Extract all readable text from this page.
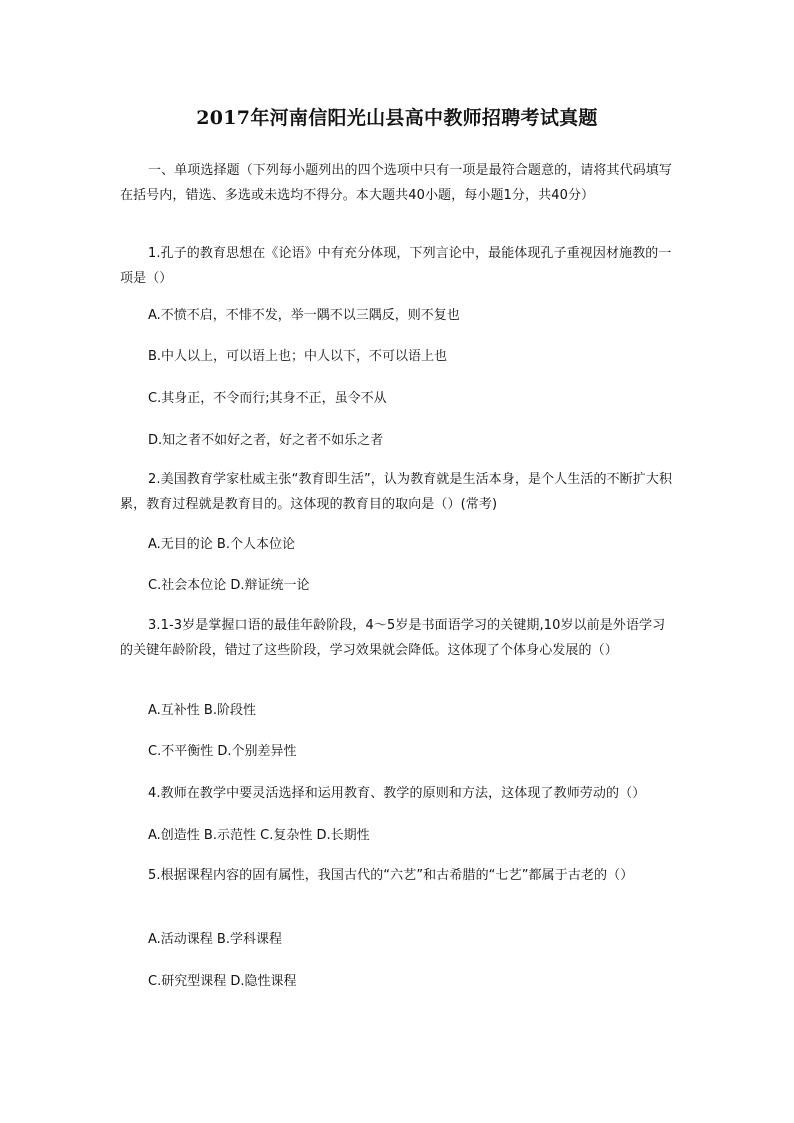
2017年河南信阳光山县高中教师招聘考试真题

一、单项选择题（下列每小题列出的四个选项中只有一项是最符合题意的，请将其代码填写在括号内，错选、多选或未选均不得分。本大题共40小题，每小题1分，共40分）

1.孔子的教育思想在《论语》中有充分体现，下列言论中，最能体现孔子重视因材施教的一项是（）

A.不愤不启，不悱不发，举一隅不以三隅反，则不复也

B.中人以上，可以语上也；中人以下，不可以语上也

C.其身正，不令而行;其身不正，虽令不从

D.知之者不如好之者，好之者不如乐之者

2.美国教育学家杜威主张“教育即生活”，认为教育就是生活本身，是个人生活的不断扩大积累，教育过程就是教育目的。这体现的教育目的取向是（）(常考)

A.无目的论 B.个人本位论

C.社会本位论 D.辩证统一论

3.1-3岁是掌握口语的最佳年龄阶段，4～5岁是书面语学习的关键期,10岁以前是外语学习的关键年龄阶段，错过了这些阶段，学习效果就会降低。这体现了个体身心发展的（）

A.互补性 B.阶段性

C.不平衡性 D.个别差异性

4.教师在教学中要灵活选择和运用教育、教学的原则和方法，这体现了教师劳动的（）

A.创造性 B.示范性 C.复杂性 D.长期性

5.根据课程内容的固有属性，我国古代的“六艺”和古希腊的“七艺”都属于古老的（）

A.活动课程 B.学科课程

C.研究型课程 D.隐性课程
